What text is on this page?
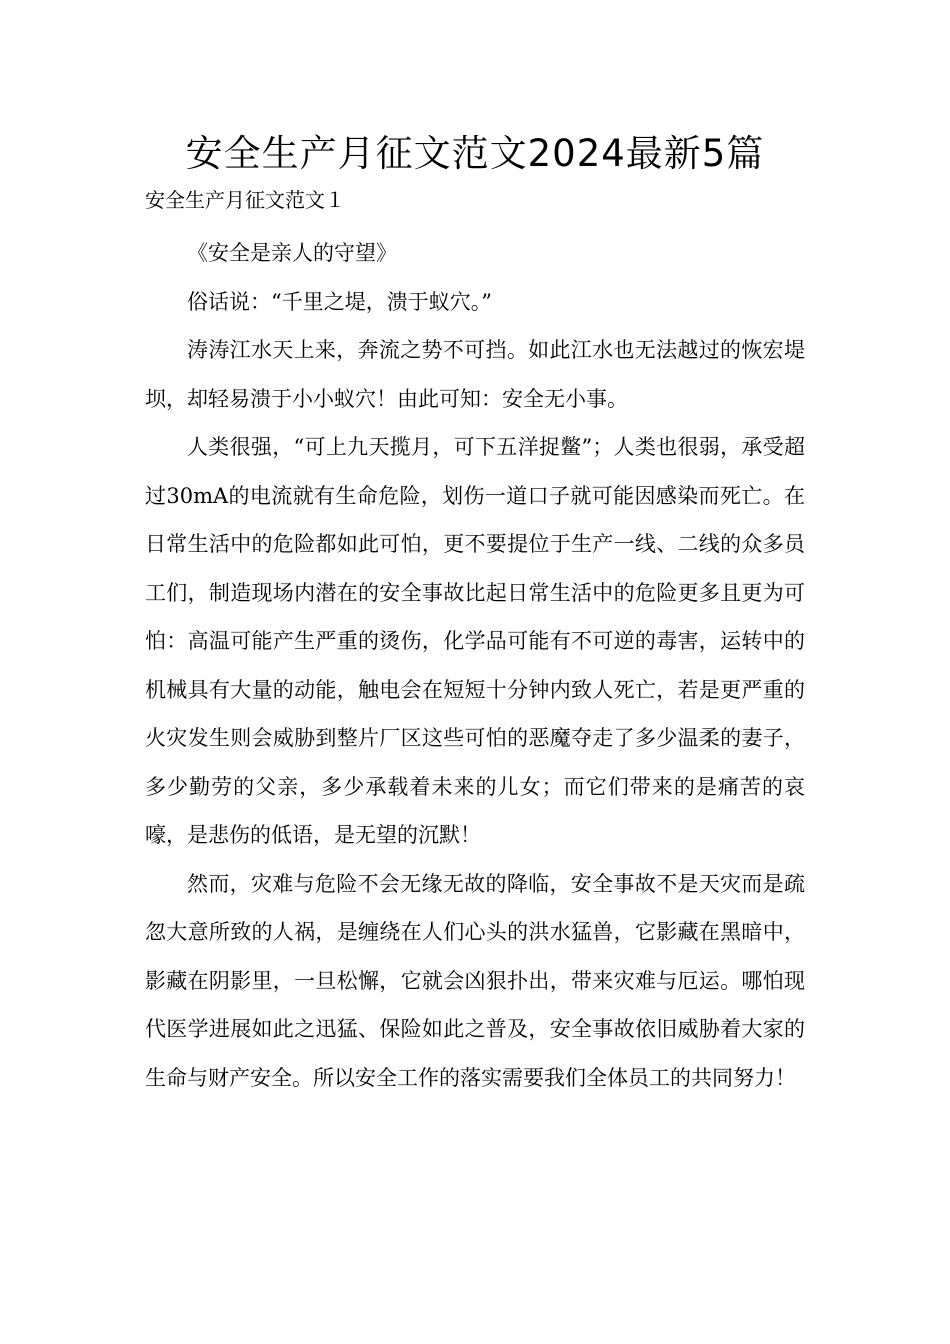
安全生产月征文范文2024最新5篇
安全生产月征文范文１

《安全是亲人的守望》

俗话说：“千里之堤，溃于蚁穴。”

涛涛江水天上来，奔流之势不可挡。如此江水也无法越过的恢宏堤坝，却轻易溃于小小蚁穴！由此可知：安全无小事。

人类很强，“可上九天揽月，可下五洋捉鳖”；人类也很弱，承受超过30mA的电流就有生命危险，划伤一道口子就可能因感染而死亡。在日常生活中的危险都如此可怕，更不要提位于生产一线、二线的众多员工们，制造现场内潜在的安全事故比起日常生活中的危险更多且更为可怕：高温可能产生严重的烫伤，化学品可能有不可逆的毒害，运转中的机械具有大量的动能，触电会在短短十分钟内致人死亡，若是更严重的火灾发生则会威胁到整片厂区这些可怕的恶魔夺走了多少温柔的妻子，多少勤劳的父亲，多少承载着未来的儿女；而它们带来的是痛苦的哀嚎，是悲伤的低语，是无望的沉默！

然而，灾难与危险不会无缘无故的降临，安全事故不是天灾而是疏忽大意所致的人祸，是缠绕在人们心头的洪水猛兽，它影藏在黑暗中，影藏在阴影里，一旦松懈，它就会凶狠扑出，带来灾难与厄运。哪怕现代医学进展如此之迅猛、保险如此之普及，安全事故依旧威胁着大家的生命与财产安全。所以安全工作的落实需要我们全体员工的共同努力！
